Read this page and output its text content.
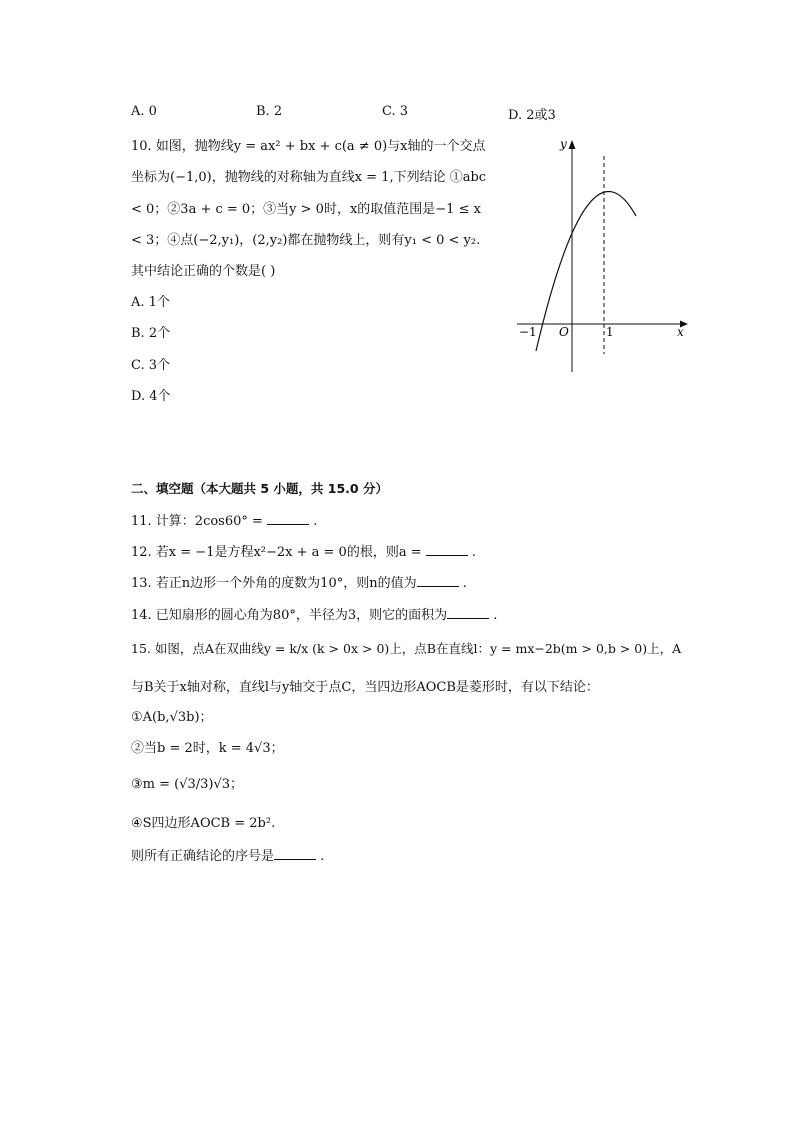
A. 0	B. 2	C. 3	D. 2或3
10. 如图，抛物线y = ax² + bx + c(a ≠ 0)与x轴的一个交点
坐标为(−1,0)，抛物线的对称轴为直线x = 1,下列结论 ①abc
< 0；②3a + c = 0；③当y > 0时，x的取值范围是−1 ≤ x
< 3；④点(−2,y₁)，(2,y₂)都在抛物线上，则有y₁ < 0 < y₂.
其中结论正确的个数是( )
A. 1个
B. 2个
C. 3个
D. 4个
y
x
O
−1	1
二、填空题（本大题共 5 小题，共 15.0 分）
11. 计算：2cos60° =	.
12. 若x = −1是方程x²−2x + a = 0的根，则a =	.
13. 若正n边形一个外角的度数为10°，则n的值为	.
14. 已知扇形的圆心角为80°，半径为3，则它的面积为	.
15. 如图，点A在双曲线y = k/x (k > 0x > 0)上，点B在直线l：y = mx−2b(m > 0,b > 0)上，A
与B关于x轴对称，直线l与y轴交于点C，当四边形AOCB是菱形时，有以下结论：
①A(b,√3b)；
②当b = 2时，k = 4√3；
③m = (√3/3)√3；
④S四边形AOCB = 2b².
则所有正确结论的序号是	.
